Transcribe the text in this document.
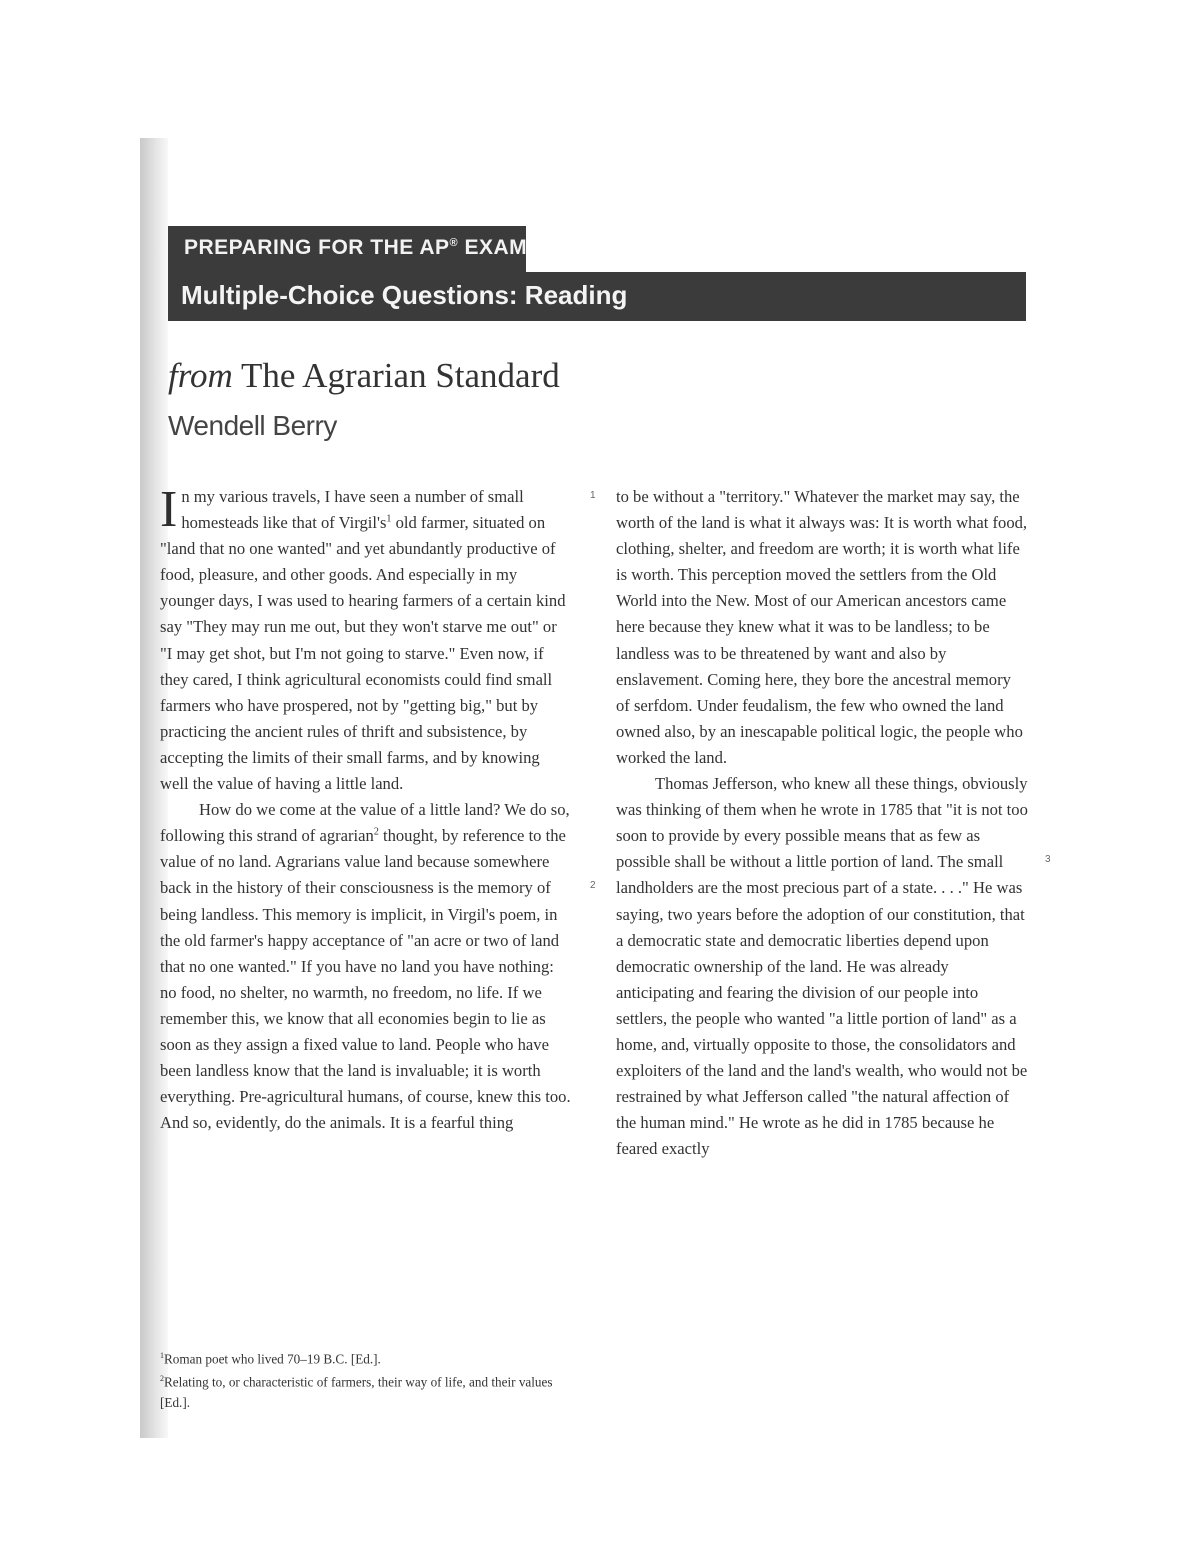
PREPARING FOR THE AP® EXAM
Multiple-Choice Questions: Reading
from The Agrarian Standard
Wendell Berry

In my various travels, I have seen a number of small homesteads like that of $Virgil's^1$ old farmer, situated on "land that no one wanted" and yet abundantly productive of food, pleasure, and other goods. And especially in my younger days, I was used to hearing farmers of a certain kind say "They may run me out, but they won't starve me out" or "I may get shot, but I'm not going to starve." Even now, if they cared, I think agricultural economists could find small farmers who have prospered, not by "getting big," but by practicing the ancient rules of thrift and subsistence, by accepting the limits of their small farms, and by knowing well the value of having a little land.

How do we come at the value of a little land? We do so, following this strand of agrarian$^2$ thought, by reference to the value of no land. Agrarians value land because somewhere back in the history of their consciousness is the memory of being landless. This memory is implicit, in Virgil's poem, in the old farmer's happy acceptance of "an acre or two of land that no one wanted." If you have no land you have nothing: no food, no shelter, no warmth, no freedom, no life. If we remember this, we know that all economies begin to lie as soon as they assign a fixed value to land. People who have been landless know that the land is invaluable; it is worth everything. Pre-agricultural humans, of course, knew this too. And so, evidently, do the animals. It is a fearful thing

to be without a "territory." Whatever the market may say, the worth of the land is what it always was: It is worth what food, clothing, shelter, and freedom are worth; it is worth what life is worth. This perception moved the settlers from the Old World into the New. Most of our American ancestors came here because they knew what it was to be landless; to be landless was to be threatened by want and also by enslavement. Coming here, they bore the ancestral memory of serfdom. Under feudalism, the few who owned the land owned also, by an inescapable political logic, the people who worked the land.

Thomas Jefferson, who knew all these things, obviously was thinking of them when he wrote in 1785 that "it is not too soon to provide by every possible means that as few as possible shall be without a little portion of land. The small landholders are the most precious part of a state. . . ." He was saying, two years before the adoption of our constitution, that a democratic state and democratic liberties depend upon democratic ownership of the land. He was already anticipating and fearing the division of our people into settlers, the people who wanted "a little portion of land" as a home, and, virtually opposite to those, the consolidators and exploiters of the land and the land's wealth, who would not be restrained by what Jefferson called "the natural affection of the human mind." He wrote as he did in 1785 because he feared exactly

1
2
3

$^1$Roman poet who lived 70–19 B.C. [Ed.].

$^2$Relating to, or characteristic of farmers, their way of life, and their values [Ed.].
